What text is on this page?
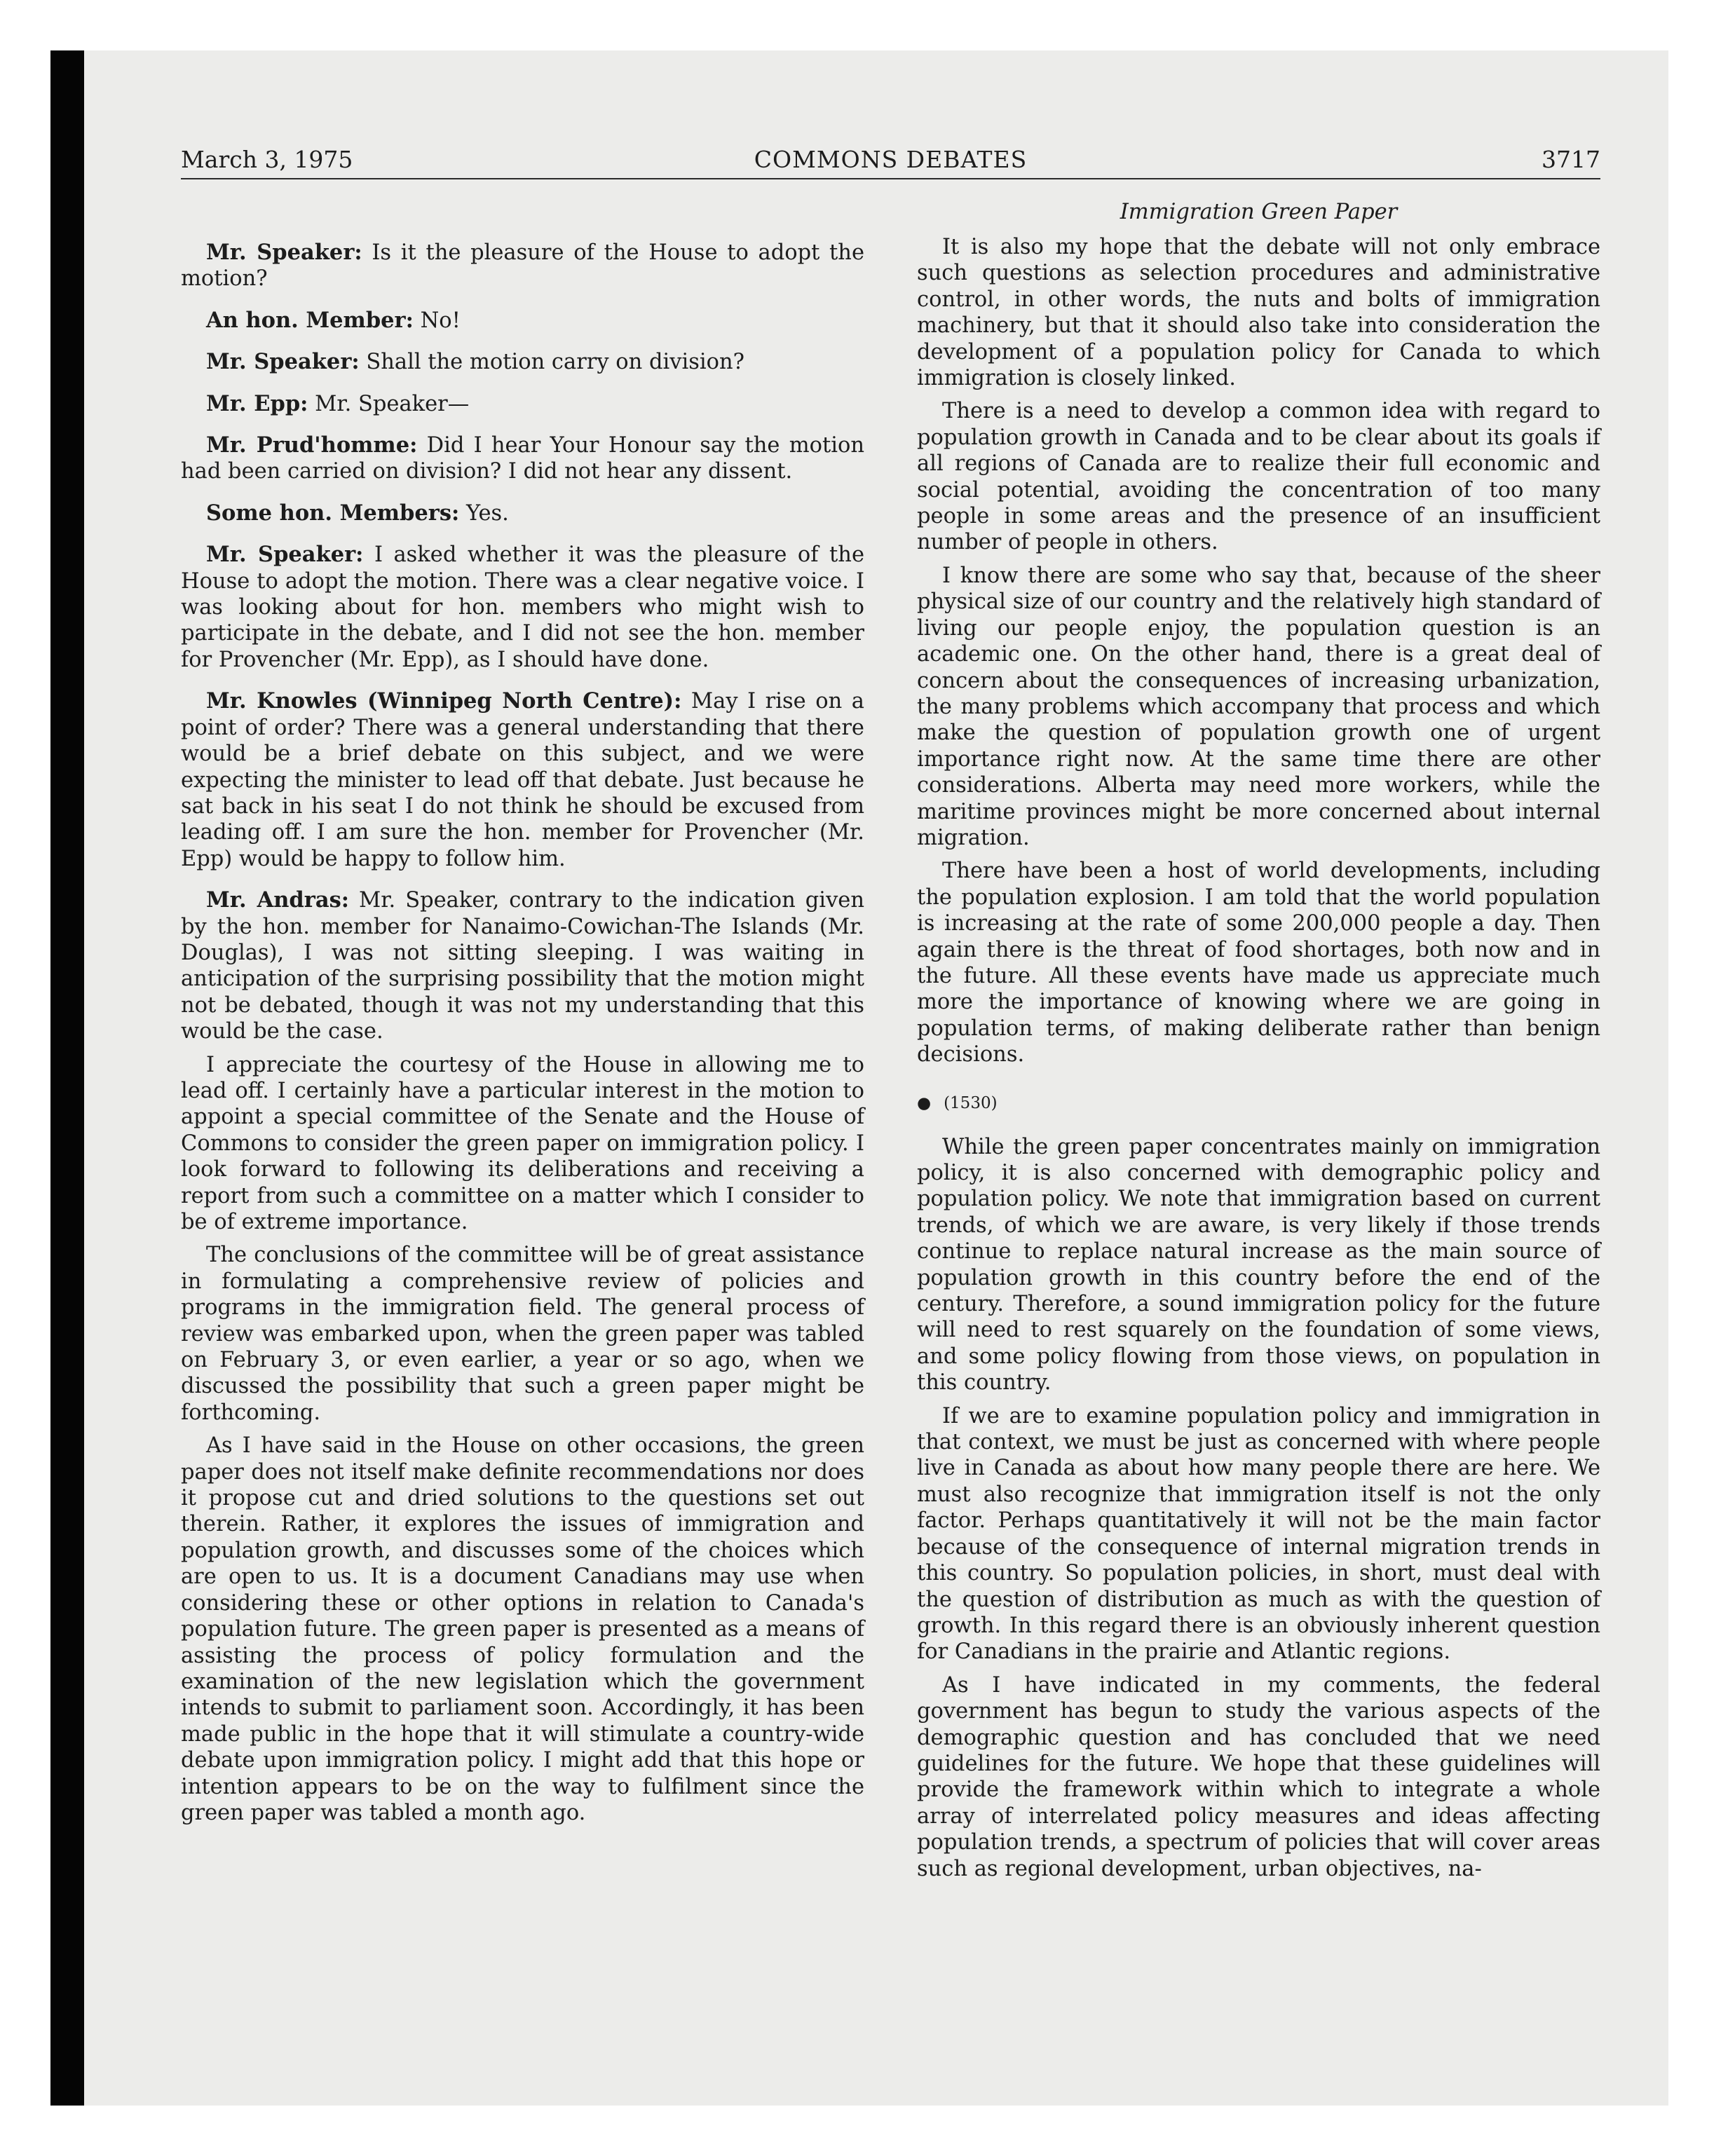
March 3, 1975	COMMONS DEBATES	3717

Mr. Speaker: Is it the pleasure of the House to adopt the motion?

An hon. Member: No!

Mr. Speaker: Shall the motion carry on division?

Mr. Epp: Mr. Speaker—

Mr. Prud'homme: Did I hear Your Honour say the motion had been carried on division? I did not hear any dissent.

Some hon. Members: Yes.

Mr. Speaker: I asked whether it was the pleasure of the House to adopt the motion. There was a clear negative voice. I was looking about for hon. members who might wish to participate in the debate, and I did not see the hon. member for Provencher (Mr. Epp), as I should have done.

Mr. Knowles (Winnipeg North Centre): May I rise on a point of order? There was a general understanding that there would be a brief debate on this subject, and we were expecting the minister to lead off that debate. Just because he sat back in his seat I do not think he should be excused from leading off. I am sure the hon. member for Provencher (Mr. Epp) would be happy to follow him.

Mr. Andras: Mr. Speaker, contrary to the indication given by the hon. member for Nanaimo-Cowichan-The Islands (Mr. Douglas), I was not sitting sleeping. I was waiting in anticipation of the surprising possibility that the motion might not be debated, though it was not my understanding that this would be the case.

I appreciate the courtesy of the House in allowing me to lead off. I certainly have a particular interest in the motion to appoint a special committee of the Senate and the House of Commons to consider the green paper on immigration policy. I look forward to following its deliberations and receiving a report from such a committee on a matter which I consider to be of extreme importance.

The conclusions of the committee will be of great assistance in formulating a comprehensive review of policies and programs in the immigration field. The general process of review was embarked upon, when the green paper was tabled on February 3, or even earlier, a year or so ago, when we discussed the possibility that such a green paper might be forthcoming.

As I have said in the House on other occasions, the green paper does not itself make definite recommendations nor does it propose cut and dried solutions to the questions set out therein. Rather, it explores the issues of immigration and population growth, and discusses some of the choices which are open to us. It is a document Canadians may use when considering these or other options in relation to Canada's population future. The green paper is presented as a means of assisting the process of policy formulation and the examination of the new legislation which the government intends to submit to parliament soon. Accordingly, it has been made public in the hope that it will stimulate a country-wide debate upon immigration policy. I might add that this hope or intention appears to be on the way to fulfilment since the green paper was tabled a month ago.

Immigration Green Paper

It is also my hope that the debate will not only embrace such questions as selection procedures and administrative control, in other words, the nuts and bolts of immigration machinery, but that it should also take into consideration the development of a population policy for Canada to which immigration is closely linked.

There is a need to develop a common idea with regard to population growth in Canada and to be clear about its goals if all regions of Canada are to realize their full economic and social potential, avoiding the concentration of too many people in some areas and the presence of an insufficient number of people in others.

I know there are some who say that, because of the sheer physical size of our country and the relatively high standard of living our people enjoy, the population question is an academic one. On the other hand, there is a great deal of concern about the consequences of increasing urbanization, the many problems which accompany that process and which make the question of population growth one of urgent importance right now. At the same time there are other considerations. Alberta may need more workers, while the maritime provinces might be more concerned about internal migration.

There have been a host of world developments, including the population explosion. I am told that the world population is increasing at the rate of some 200,000 people a day. Then again there is the threat of food shortages, both now and in the future. All these events have made us appreciate much more the importance of knowing where we are going in population terms, of making deliberate rather than benign decisions.

● (1530)

While the green paper concentrates mainly on immigration policy, it is also concerned with demographic policy and population policy. We note that immigration based on current trends, of which we are aware, is very likely if those trends continue to replace natural increase as the main source of population growth in this country before the end of the century. Therefore, a sound immigration policy for the future will need to rest squarely on the foundation of some views, and some policy flowing from those views, on population in this country.

If we are to examine population policy and immigration in that context, we must be just as concerned with where people live in Canada as about how many people there are here. We must also recognize that immigration itself is not the only factor. Perhaps quantitatively it will not be the main factor because of the consequence of internal migration trends in this country. So population policies, in short, must deal with the question of distribution as much as with the question of growth. In this regard there is an obviously inherent question for Canadians in the prairie and Atlantic regions.

As I have indicated in my comments, the federal government has begun to study the various aspects of the demographic question and has concluded that we need guidelines for the future. We hope that these guidelines will provide the framework within which to integrate a whole array of interrelated policy measures and ideas affecting population trends, a spectrum of policies that will cover areas such as regional development, urban objectives, na-
